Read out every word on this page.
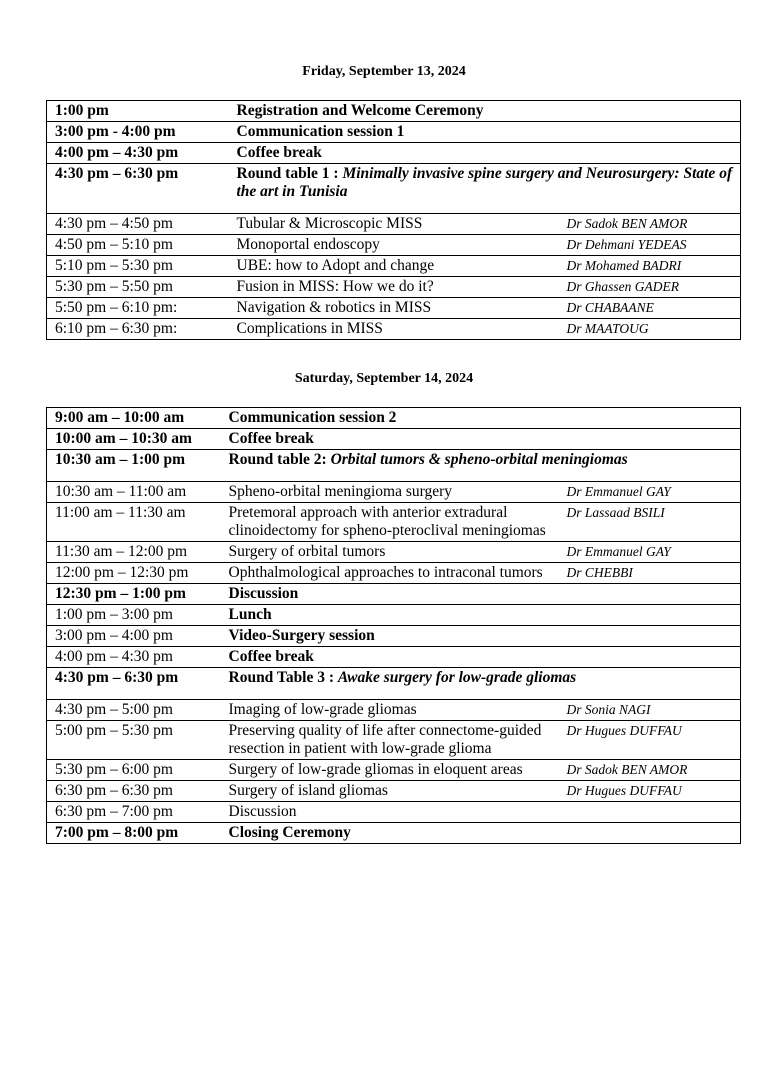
Friday, September 13, 2024
1:00 pm	Registration and Welcome Ceremony	
3:00 pm - 4:00 pm	Communication session 1	
4:00 pm – 4:30 pm	Coffee break	
4:30 pm – 6:30 pm	Round table 1 : Minimally invasive spine surgery and Neurosurgery: State of the art in Tunisia	
4:30 pm – 4:50 pm	Tubular & Microscopic MISS	Dr Sadok BEN AMOR
4:50 pm – 5:10 pm	Monoportal endoscopy	Dr Dehmani YEDEAS
5:10 pm – 5:30 pm	UBE: how to Adopt and change	Dr Mohamed BADRI
5:30 pm – 5:50 pm	Fusion in MISS: How we do it?	Dr Ghassen GADER
5:50 pm – 6:10 pm:	Navigation & robotics in MISS	Dr CHABAANE
6:10 pm – 6:30 pm:	Complications in MISS	Dr MAATOUG
Saturday, September 14, 2024
9:00 am – 10:00 am	Communication session 2	
10:00 am – 10:30 am	Coffee break	
10:30 am – 1:00 pm	Round table 2: Orbital tumors & spheno-orbital meningiomas	
10:30 am – 11:00 am	Spheno-orbital meningioma surgery	Dr Emmanuel GAY
11:00 am – 11:30 am	Pretemoral approach with anterior extradural clinoidectomy for spheno-pteroclival meningiomas	Dr Lassaad BSILI
11:30 am – 12:00 pm	Surgery of orbital tumors	Dr Emmanuel GAY
12:00 pm – 12:30 pm	Ophthalmological approaches to intraconal tumors	Dr CHEBBI
12:30 pm – 1:00 pm	Discussion	
1:00 pm – 3:00 pm	Lunch	
3:00 pm – 4:00 pm	Video-Surgery session	
4:00 pm – 4:30 pm	Coffee break	
4:30 pm – 6:30 pm	Round Table 3 : Awake surgery for low-grade gliomas	
4:30 pm – 5:00 pm	Imaging of low-grade gliomas	Dr Sonia NAGI
5:00 pm – 5:30 pm	Preserving quality of life after connectome-guided resection in patient with low-grade glioma	Dr Hugues DUFFAU
5:30 pm – 6:00 pm	Surgery of low-grade gliomas in eloquent areas	Dr Sadok BEN AMOR
6:30 pm – 6:30 pm	Surgery of island gliomas	Dr Hugues DUFFAU
6:30 pm – 7:00 pm	Discussion	
7:00 pm – 8:00 pm	Closing Ceremony	
